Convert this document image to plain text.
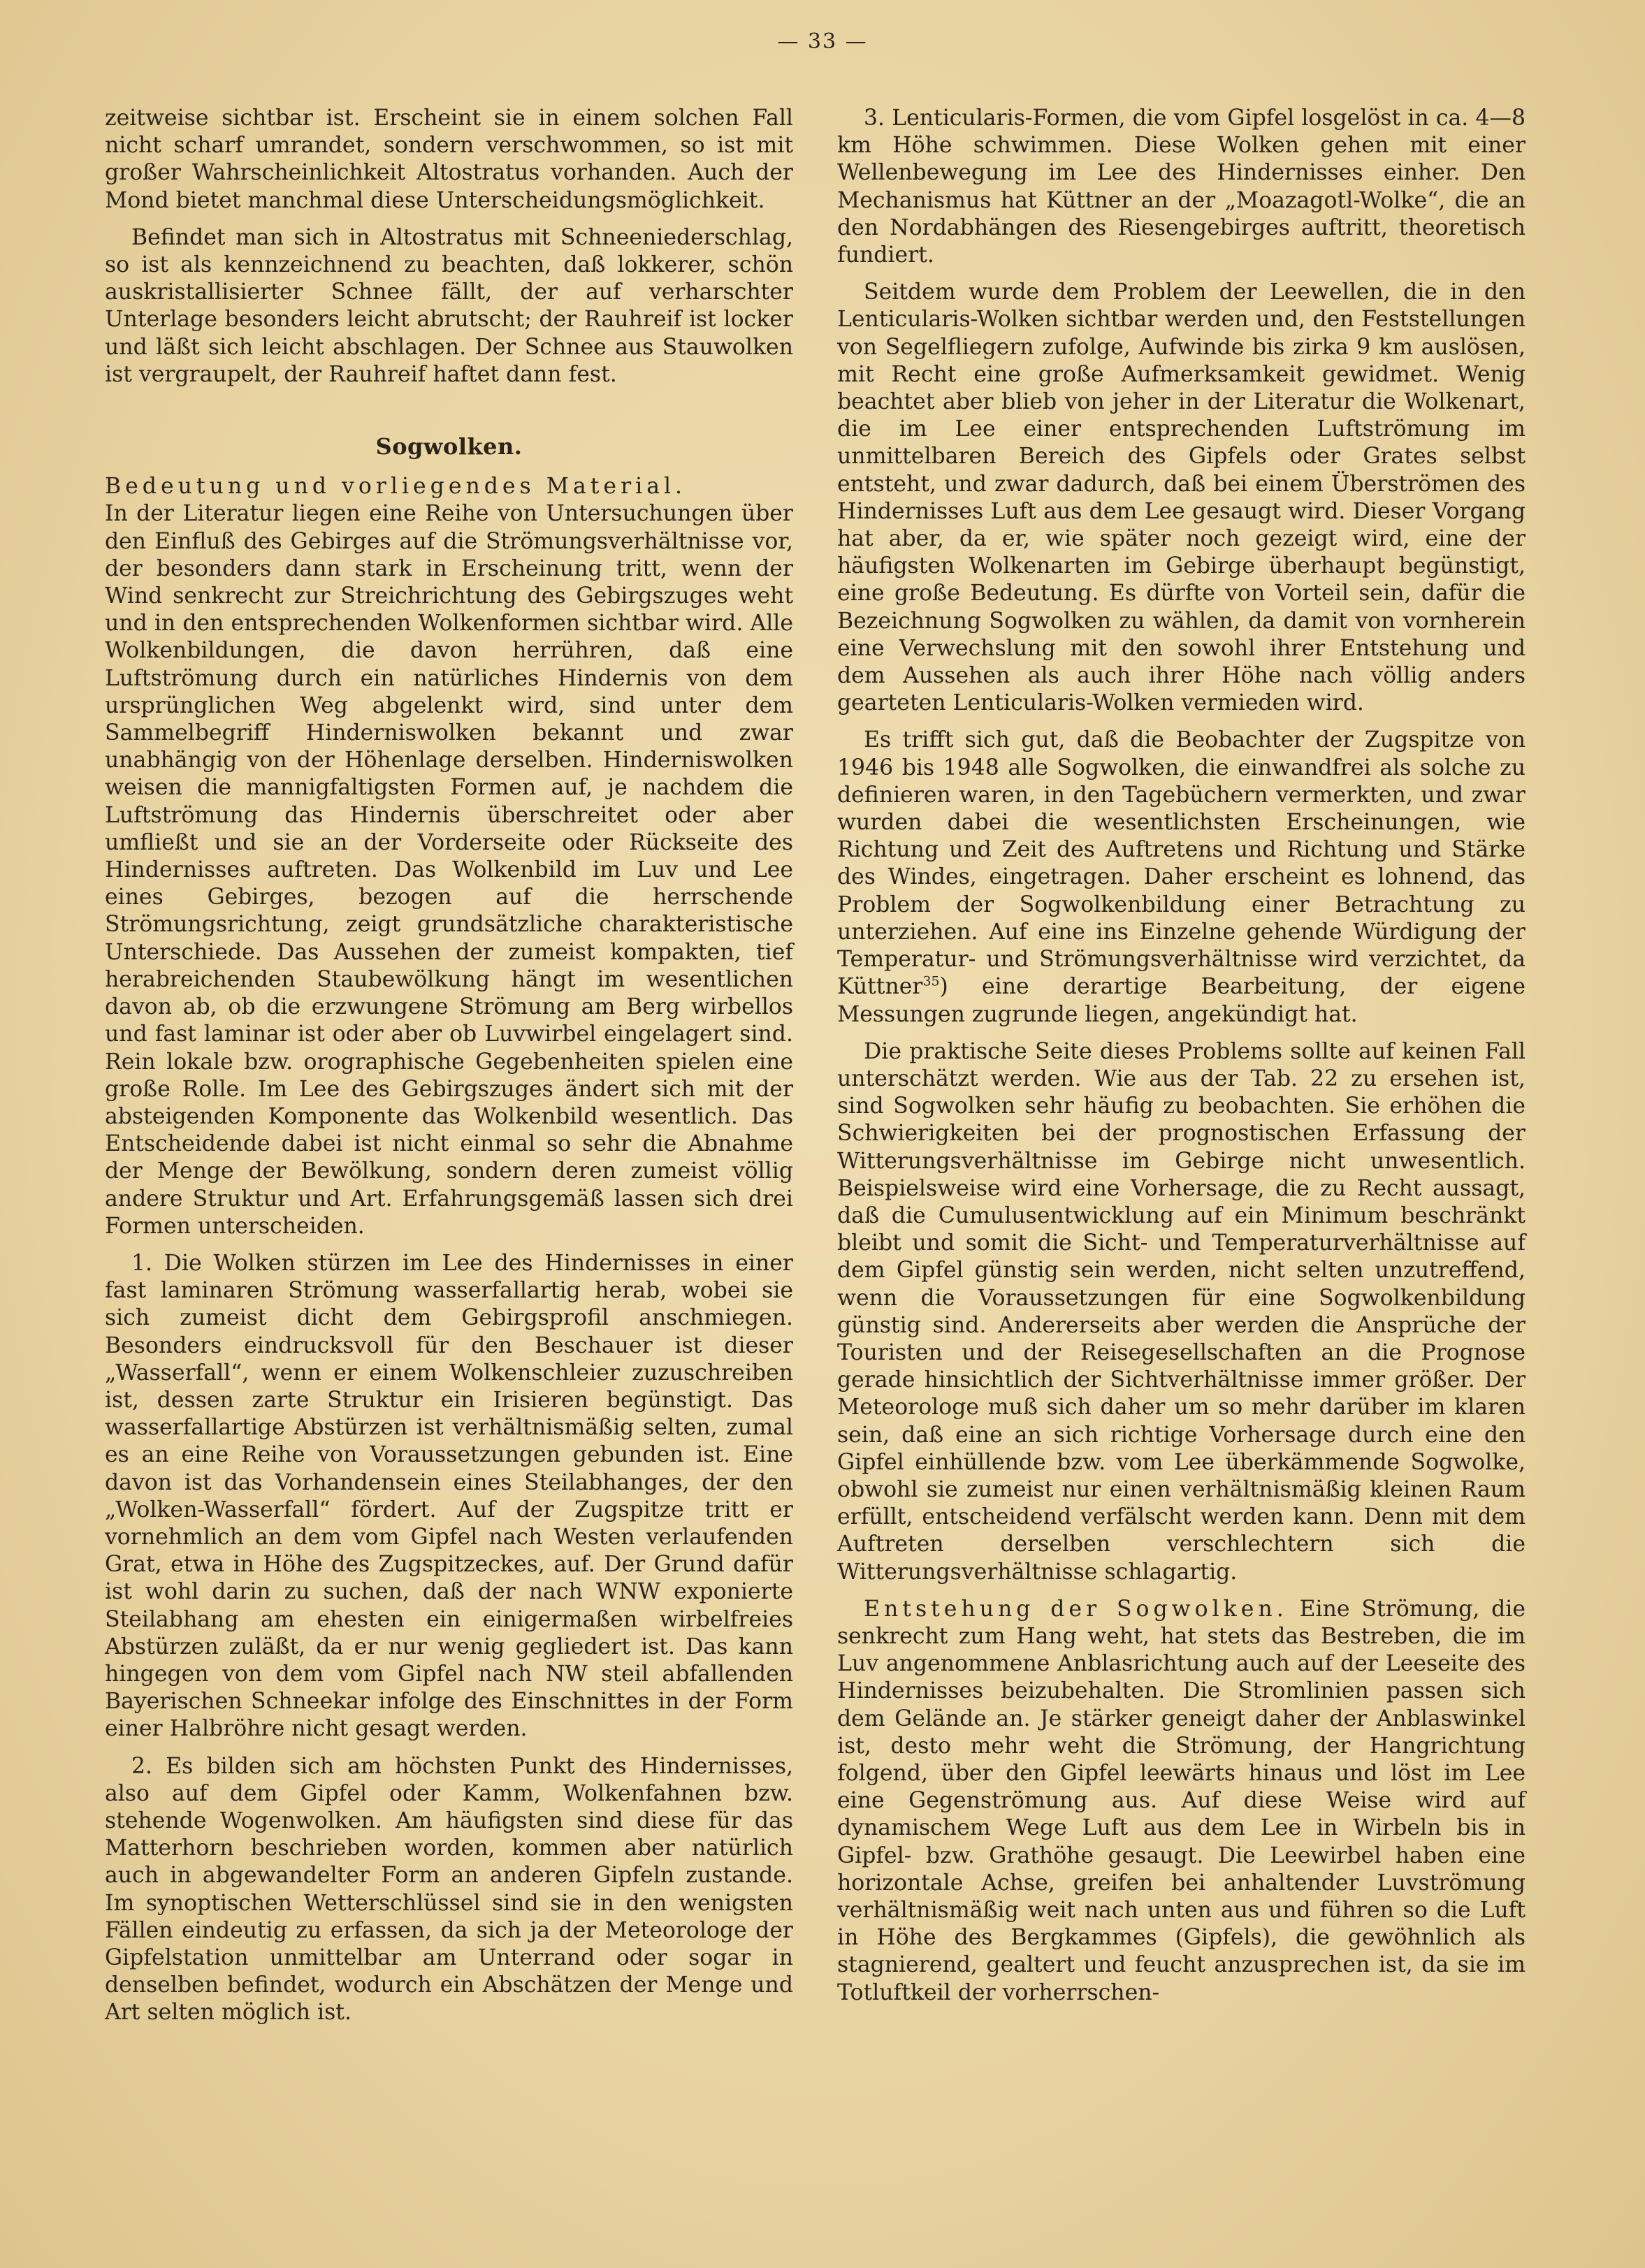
— 33 —

zeitweise sichtbar ist. Erscheint sie in einem solchen Fall nicht scharf umrandet, sondern verschwommen, so ist mit großer Wahrscheinlichkeit Altostratus vorhanden. Auch der Mond bietet manchmal diese Unterscheidungsmöglichkeit.

Befindet man sich in Altostratus mit Schneeniederschlag, so ist als kennzeichnend zu beachten, daß lokkerer, schön auskristallisierter Schnee fällt, der auf verharschter Unterlage besonders leicht abrutscht; der Rauhreif ist locker und läßt sich leicht abschlagen. Der Schnee aus Stauwolken ist vergraupelt, der Rauhreif haftet dann fest.

Sogwolken.

Bedeutung und vorliegendes Material.

In der Literatur liegen eine Reihe von Untersuchungen über den Einfluß des Gebirges auf die Strömungsverhältnisse vor, der besonders dann stark in Erscheinung tritt, wenn der Wind senkrecht zur Streichrichtung des Gebirgszuges weht und in den entsprechenden Wolkenformen sichtbar wird. Alle Wolkenbildungen, die davon herrühren, daß eine Luftströmung durch ein natürliches Hindernis von dem ursprünglichen Weg abgelenkt wird, sind unter dem Sammelbegriff Hinderniswolken bekannt und zwar unabhängig von der Höhenlage derselben. Hinderniswolken weisen die mannigfaltigsten Formen auf, je nachdem die Luftströmung das Hindernis überschreitet oder aber umfließt und sie an der Vorderseite oder Rückseite des Hindernisses auftreten. Das Wolkenbild im Luv und Lee eines Gebirges, bezogen auf die herrschende Strömungsrichtung, zeigt grundsätzliche charakteristische Unterschiede. Das Aussehen der zumeist kompakten, tief herabreichenden Staubewölkung hängt im wesentlichen davon ab, ob die erzwungene Strömung am Berg wirbellos und fast laminar ist oder aber ob Luvwirbel eingelagert sind. Rein lokale bzw. orographische Gegebenheiten spielen eine große Rolle. Im Lee des Gebirgszuges ändert sich mit der absteigenden Komponente das Wolkenbild wesentlich. Das Entscheidende dabei ist nicht einmal so sehr die Abnahme der Menge der Bewölkung, sondern deren zumeist völlig andere Struktur und Art. Erfahrungsgemäß lassen sich drei Formen unterscheiden.

1. Die Wolken stürzen im Lee des Hindernisses in einer fast laminaren Strömung wasserfallartig herab, wobei sie sich zumeist dicht dem Gebirgsprofil anschmiegen. Besonders eindrucksvoll für den Beschauer ist dieser „Wasserfall“, wenn er einem Wolkenschleier zuzuschreiben ist, dessen zarte Struktur ein Irisieren begünstigt. Das wasserfallartige Abstürzen ist verhältnismäßig selten, zumal es an eine Reihe von Voraussetzungen gebunden ist. Eine davon ist das Vorhandensein eines Steilabhanges, der den „Wolken-Wasserfall“ fördert. Auf der Zugspitze tritt er vornehmlich an dem vom Gipfel nach Westen verlaufenden Grat, etwa in Höhe des Zugspitzeckes, auf. Der Grund dafür ist wohl darin zu suchen, daß der nach WNW exponierte Steilabhang am ehesten ein einigermaßen wirbelfreies Abstürzen zuläßt, da er nur wenig gegliedert ist. Das kann hingegen von dem vom Gipfel nach NW steil abfallenden Bayerischen Schneekar infolge des Einschnittes in der Form einer Halbröhre nicht gesagt werden.

2. Es bilden sich am höchsten Punkt des Hindernisses, also auf dem Gipfel oder Kamm, Wolkenfahnen bzw. stehende Wogenwolken. Am häufigsten sind diese für das Matterhorn beschrieben worden, kommen aber natürlich auch in abgewandelter Form an anderen Gipfeln zustande. Im synoptischen Wetterschlüssel sind sie in den wenigsten Fällen eindeutig zu erfassen, da sich ja der Meteorologe der Gipfelstation unmittelbar am Unterrand oder sogar in denselben befindet, wodurch ein Abschätzen der Menge und Art selten möglich ist.

3. Lenticularis-Formen, die vom Gipfel losgelöst in ca. 4—8 km Höhe schwimmen. Diese Wolken gehen mit einer Wellenbewegung im Lee des Hindernisses einher. Den Mechanismus hat Küttner an der „Moazagotl-Wolke“, die an den Nordabhängen des Riesengebirges auftritt, theoretisch fundiert.

Seitdem wurde dem Problem der Leewellen, die in den Lenticularis-Wolken sichtbar werden und, den Feststellungen von Segelfliegern zufolge, Aufwinde bis zirka 9 km auslösen, mit Recht eine große Aufmerksamkeit gewidmet. Wenig beachtet aber blieb von jeher in der Literatur die Wolkenart, die im Lee einer entsprechenden Luftströmung im unmittelbaren Bereich des Gipfels oder Grates selbst entsteht, und zwar dadurch, daß bei einem Überströmen des Hindernisses Luft aus dem Lee gesaugt wird. Dieser Vorgang hat aber, da er, wie später noch gezeigt wird, eine der häufigsten Wolkenarten im Gebirge überhaupt begünstigt, eine große Bedeutung. Es dürfte von Vorteil sein, dafür die Bezeichnung Sogwolken zu wählen, da damit von vornherein eine Verwechslung mit den sowohl ihrer Entstehung und dem Aussehen als auch ihrer Höhe nach völlig anders gearteten Lenticularis-Wolken vermieden wird.

Es trifft sich gut, daß die Beobachter der Zugspitze von 1946 bis 1948 alle Sogwolken, die einwandfrei als solche zu definieren waren, in den Tagebüchern vermerkten, und zwar wurden dabei die wesentlichsten Erscheinungen, wie Richtung und Zeit des Auftretens und Richtung und Stärke des Windes, eingetragen. Daher erscheint es lohnend, das Problem der Sogwolkenbildung einer Betrachtung zu unterziehen. Auf eine ins Einzelne gehende Würdigung der Temperatur- und Strömungsverhältnisse wird verzichtet, da Küttner$^{35}$) eine derartige Bearbeitung, der eigene Messungen zugrunde liegen, angekündigt hat.

Die praktische Seite dieses Problems sollte auf keinen Fall unterschätzt werden. Wie aus der Tab. 22 zu ersehen ist, sind Sogwolken sehr häufig zu beobachten. Sie erhöhen die Schwierigkeiten bei der prognostischen Erfassung der Witterungsverhältnisse im Gebirge nicht unwesentlich. Beispielsweise wird eine Vorhersage, die zu Recht aussagt, daß die Cumulusentwicklung auf ein Minimum beschränkt bleibt und somit die Sicht- und Temperaturverhältnisse auf dem Gipfel günstig sein werden, nicht selten unzutreffend, wenn die Voraussetzungen für eine Sogwolkenbildung günstig sind. Andererseits aber werden die Ansprüche der Touristen und der Reisegesellschaften an die Prognose gerade hinsichtlich der Sichtverhältnisse immer größer. Der Meteorologe muß sich daher um so mehr darüber im klaren sein, daß eine an sich richtige Vorhersage durch eine den Gipfel einhüllende bzw. vom Lee überkämmende Sogwolke, obwohl sie zumeist nur einen verhältnismäßig kleinen Raum erfüllt, entscheidend verfälscht werden kann. Denn mit dem Auftreten derselben verschlechtern sich die Witterungsverhältnisse schlagartig.

Entstehung der Sogwolken. Eine Strömung, die senkrecht zum Hang weht, hat stets das Bestreben, die im Luv angenommene Anblasrichtung auch auf der Leeseite des Hindernisses beizubehalten. Die Stromlinien passen sich dem Gelände an. Je stärker geneigt daher der Anblaswinkel ist, desto mehr weht die Strömung, der Hangrichtung folgend, über den Gipfel leewärts hinaus und löst im Lee eine Gegenströmung aus. Auf diese Weise wird auf dynamischem Wege Luft aus dem Lee in Wirbeln bis in Gipfel- bzw. Grathöhe gesaugt. Die Leewirbel haben eine horizontale Achse, greifen bei anhaltender Luvströmung verhältnismäßig weit nach unten aus und führen so die Luft in Höhe des Bergkammes (Gipfels), die gewöhnlich als stagnierend, gealtert und feucht anzusprechen ist, da sie im Totluftkeil der vorherrschen-
